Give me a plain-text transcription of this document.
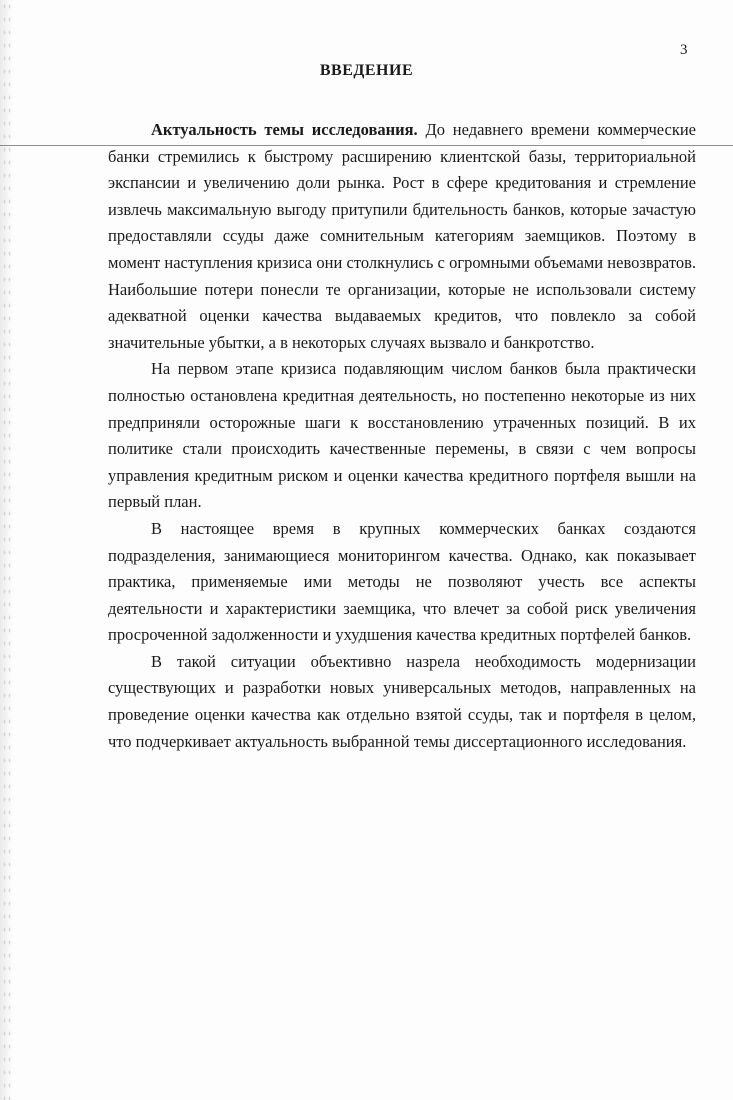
3
ВВЕДЕНИЕ

Актуальность темы исследования. До недавнего времени коммерческие банки стремились к быстрому расширению клиентской базы, территориальной экспансии и увеличению доли рынка. Рост в сфере кредитования и стремление извлечь максимальную выгоду притупили бдительность банков, которые зачастую предоставляли ссуды даже сомнительным категориям заемщиков. Поэтому в момент наступления кризиса они столкнулись с огромными объемами невозвратов. Наибольшие потери понесли те организации, которые не использовали систему адекватной оценки качества выдаваемых кредитов, что повлекло за собой значительные убытки, а в некоторых случаях вызвало и банкротство.

На первом этапе кризиса подавляющим числом банков была практически полностью остановлена кредитная деятельность, но постепенно некоторые из них предприняли осторожные шаги к восстановлению утраченных позиций. В их политике стали происходить качественные перемены, в связи с чем вопросы управления кредитным риском и оценки качества кредитного портфеля вышли на первый план.

В настоящее время в крупных коммерческих банках создаются подразделения, занимающиеся мониторингом качества. Однако, как показывает практика, применяемые ими методы не позволяют учесть все аспекты деятельности и характеристики заемщика, что влечет за собой риск увеличения просроченной задолженности и ухудшения качества кредитных портфелей банков.

В такой ситуации объективно назрела необходимость модернизации существующих и разработки новых универсальных методов, направленных на проведение оценки качества как отдельно взятой ссуды, так и портфеля в целом, что подчеркивает актуальность выбранной темы диссертационного исследования.
